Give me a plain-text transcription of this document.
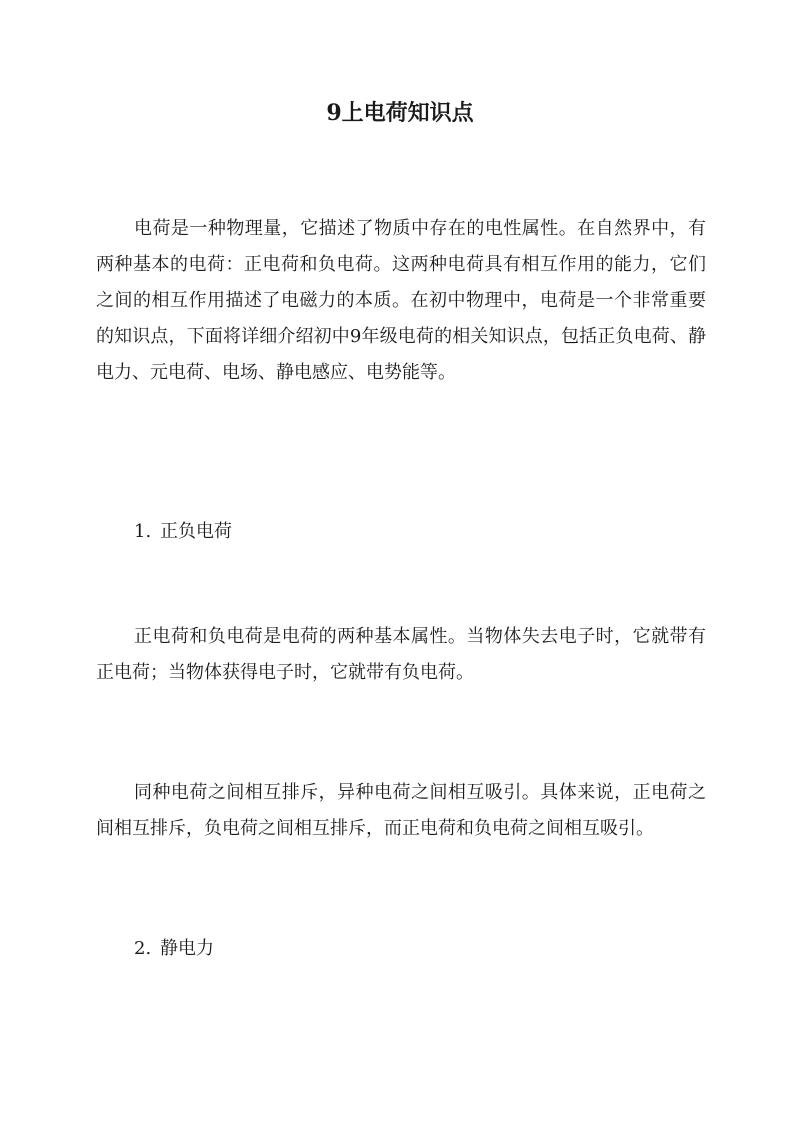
9上电荷知识点

电荷是一种物理量，它描述了物质中存在的电性属性。在自然界中，有两种基本的电荷：正电荷和负电荷。这两种电荷具有相互作用的能力，它们之间的相互作用描述了电磁力的本质。在初中物理中，电荷是一个非常重要的知识点，下面将详细介绍初中9年级电荷的相关知识点，包括正负电荷、静电力、元电荷、电场、静电感应、电势能等。

1. 正负电荷

正电荷和负电荷是电荷的两种基本属性。当物体失去电子时，它就带有正电荷；当物体获得电子时，它就带有负电荷。

同种电荷之间相互排斥，异种电荷之间相互吸引。具体来说，正电荷之间相互排斥，负电荷之间相互排斥，而正电荷和负电荷之间相互吸引。

2. 静电力
